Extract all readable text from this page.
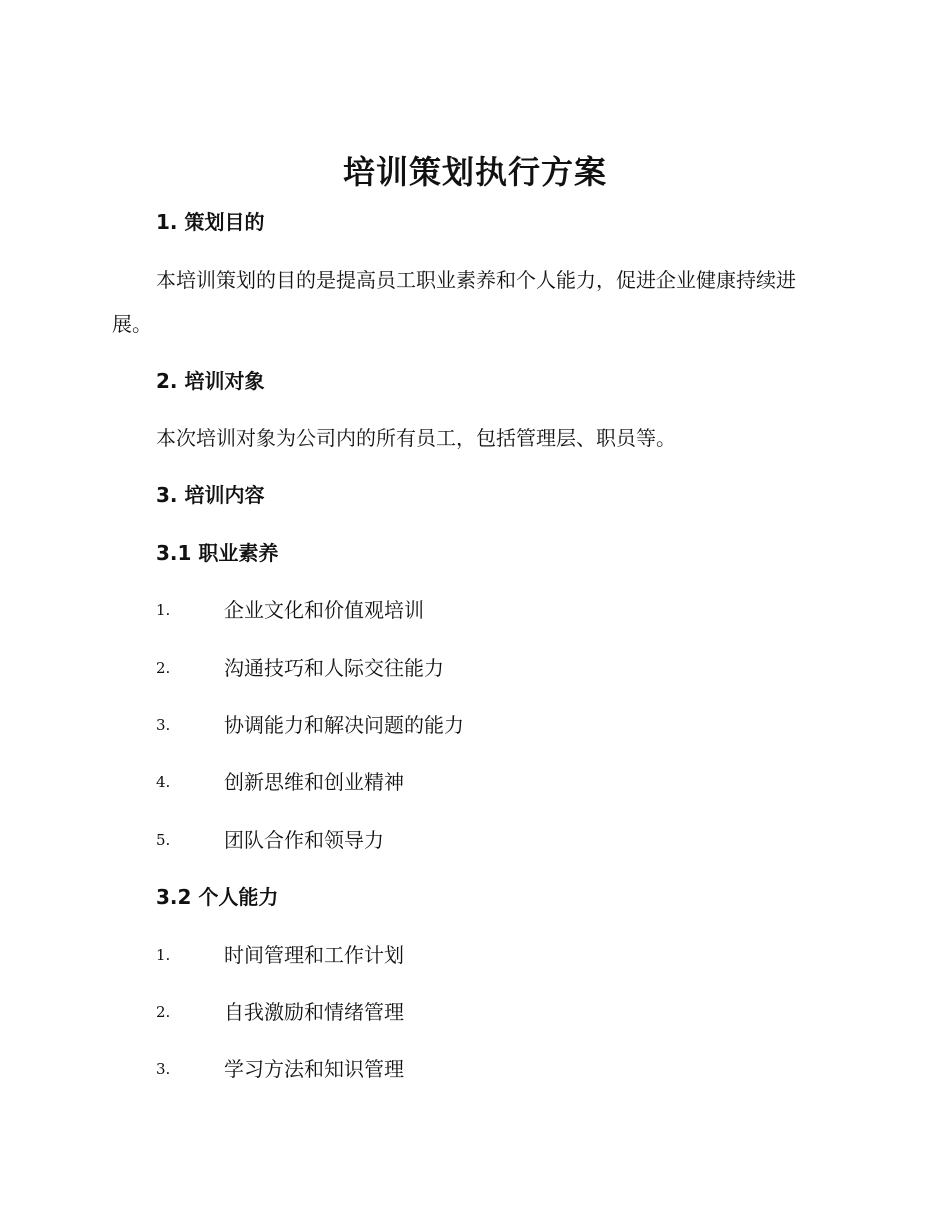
培训策划执行方案
1. 策划目的
本培训策划的目的是提高员工职业素养和个人能力，促进企业健康持续进展。
2. 培训对象
本次培训对象为公司内的所有员工，包括管理层、职员等。
3. 培训内容
3.1 职业素养
1.	企业文化和价值观培训
2.	沟通技巧和人际交往能力
3.	协调能力和解决问题的能力
4.	创新思维和创业精神
5.	团队合作和领导力
3.2 个人能力
1.	时间管理和工作计划
2.	自我激励和情绪管理
3.	学习方法和知识管理
